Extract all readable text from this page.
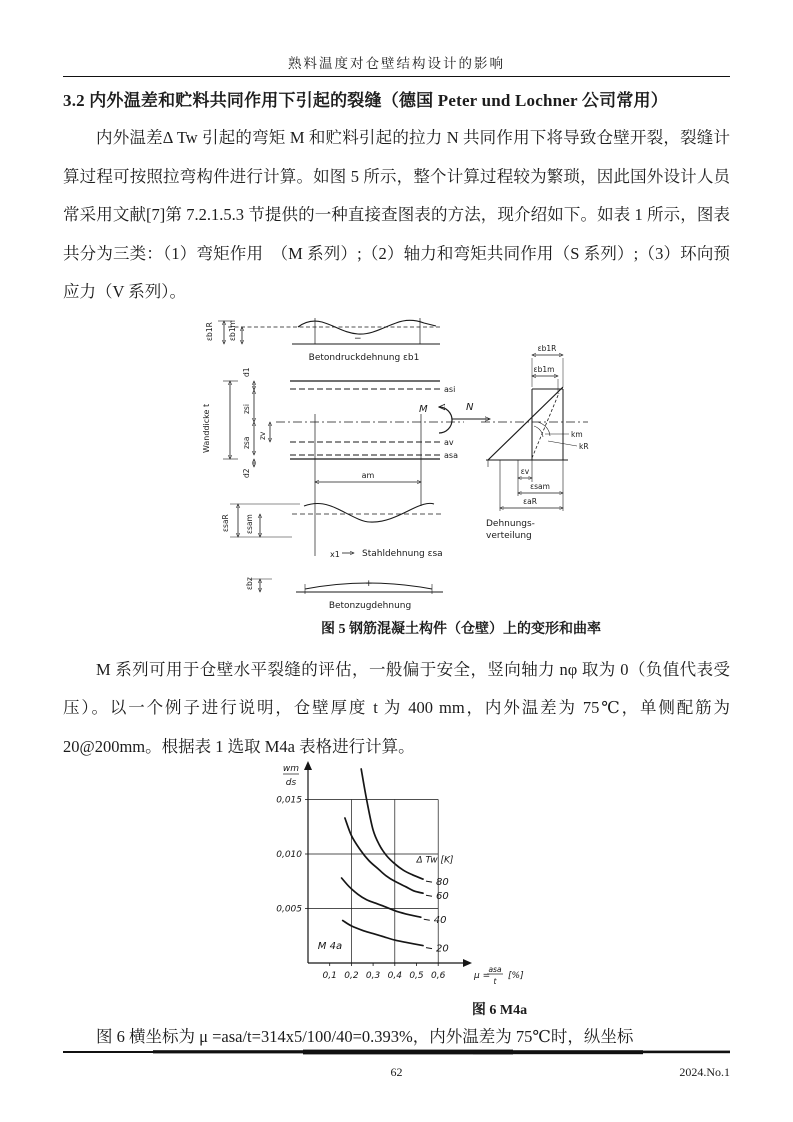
熟料温度对仓壁结构设计的影响
3.2 内外温差和贮料共同作用下引起的裂缝（德国 Peter und Lochner 公司常用）

内外温差Δ Tw 引起的弯矩 M 和贮料引起的拉力 N 共同作用下将导致仓壁开裂，裂缝计算过程可按照拉弯构件进行计算。如图 5 所示，整个计算过程较为繁琐，因此国外设计人员常采用文献[7]第 7.2.1.5.3 节提供的一种直接查图表的方法，现介绍如下。如表 1 所示，图表共分为三类：（1）弯矩作用　（M 系列）;（2）轴力和弯矩共同作用（S 系列）;（3）环向预应力（V 系列）。

εb1R εb1m	−
Betondruckdehnung εb1
asi
av
asa
Wanddicke t
d1
zsi
zv
zsa
d2
M	N
εb1R
εb1m
km
kR
εv
εsam
εaR
Dehnungs-
verteilung
am
εsaR εsam
x1 Stahldehnung εsa
+
εbz
Betonzugdehnung
图 5 钢筋混凝土构件（仓壁）上的变形和曲率

M 系列可用于仓壁水平裂缝的评估，一般偏于安全，竖向轴力 nφ 取为 0（负值代表受压）。以一个例子进行说明，仓壁厚度 t 为 400 mm，内外温差为 75℃，单侧配筋为　20@200mm。根据表 1 选取 M4a 表格进行计算。

0,1 0,2 0,3 0,4 0,5 0,6
0,005
0,010
0,015
μ =
asa
t
[%]
wm
ds
Δ Tw [K]
M 4a
80
60
40
20
图 6 M4a

图 6 横坐标为 μ =asa/t=314x5/100/40=0.393%，内外温差为 75℃时，纵坐标

62	2024.No.1
